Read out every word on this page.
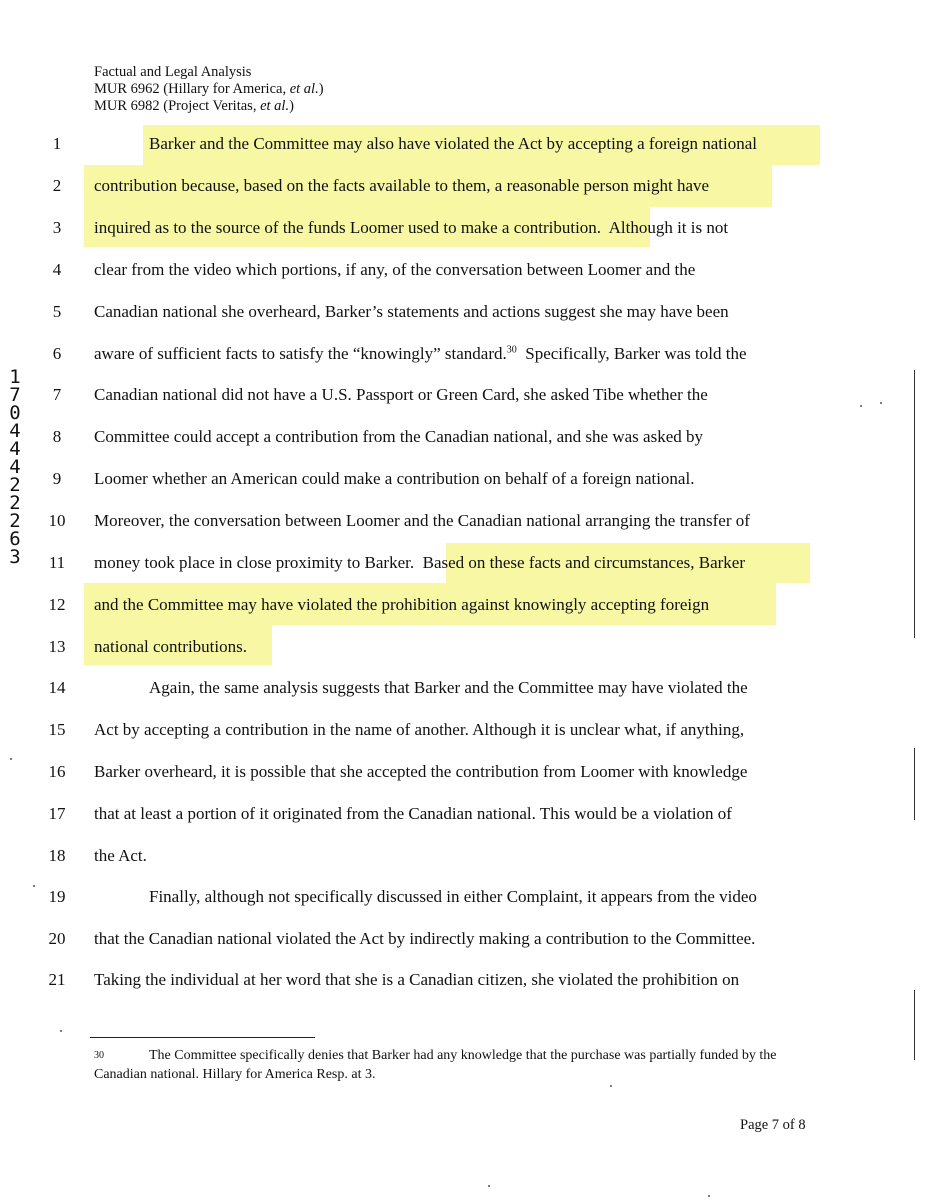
Factual and Legal Analysis
MUR 6962 (Hillary for America, et al.)
MUR 6982 (Project Veritas, et al.)
1	Barker and the Committee may also have violated the Act by accepting a foreign national
2	contribution because, based on the facts available to them, a reasonable person might have
3	inquired as to the source of the funds Loomer used to make a contribution.  Although it is not
4	clear from the video which portions, if any, of the conversation between Loomer and the
5	Canadian national she overheard, Barker’s statements and actions suggest she may have been
6	aware of sufficient facts to satisfy the “knowingly” standard.$^{30}$  Specifically, Barker was told the
7	Canadian national did not have a U.S. Passport or Green Card, she asked Tibe whether the
8	Committee could accept a contribution from the Canadian national, and she was asked by
9	Loomer whether an American could make a contribution on behalf of a foreign national.
10	Moreover, the conversation between Loomer and the Canadian national arranging the transfer of
11	money took place in close proximity to Barker.  Based on these facts and circumstances, Barker
12	and the Committee may have violated the prohibition against knowingly accepting foreign
13	national contributions.
14	Again, the same analysis suggests that Barker and the Committee may have violated the
15	Act by accepting a contribution in the name of another. Although it is unclear what, if anything,
16	Barker overheard, it is possible that she accepted the contribution from Loomer with knowledge
17	that at least a portion of it originated from the Canadian national. This would be a violation of
18	the Act.
19	Finally, although not specifically discussed in either Complaint, it appears from the video
20	that the Canadian national violated the Act by indirectly making a contribution to the Committee.
21	Taking the individual at her word that she is a Canadian citizen, she violated the prohibition on
30	The Committee specifically denies that Barker had any knowledge that the purchase was partially funded by the Canadian national. Hillary for America Resp. at 3.
Page 7 of 8
1
7
0
4
4
4
2
2
2
6
3
